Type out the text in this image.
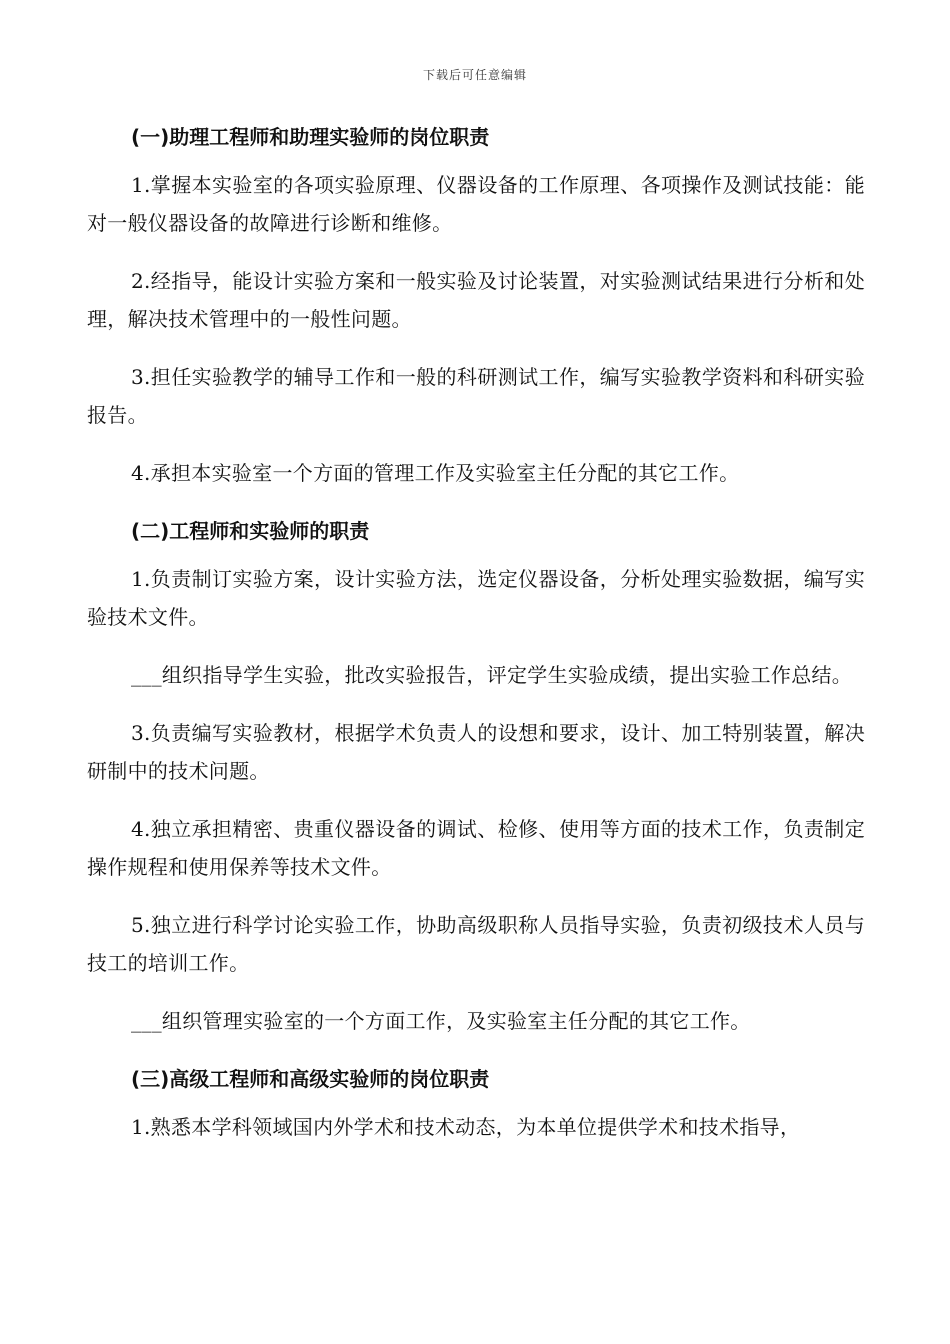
下载后可任意编辑
(一)助理工程师和助理实验师的岗位职责

1.掌握本实验室的各项实验原理、仪器设备的工作原理、各项操作及测试技能：能对一般仪器设备的故障进行诊断和维修。

2.经指导，能设计实验方案和一般实验及讨论装置，对实验测试结果进行分析和处理，解决技术管理中的一般性问题。

3.担任实验教学的辅导工作和一般的科研测试工作，编写实验教学资料和科研实验报告。

4.承担本实验室一个方面的管理工作及实验室主任分配的其它工作。

(二)工程师和实验师的职责

1.负责制订实验方案，设计实验方法，选定仪器设备，分析处理实验数据，编写实验技术文件。

___组织指导学生实验，批改实验报告，评定学生实验成绩，提出实验工作总结。

3.负责编写实验教材，根据学术负责人的设想和要求，设计、加工特别装置，解决研制中的技术问题。

4.独立承担精密、贵重仪器设备的调试、检修、使用等方面的技术工作，负责制定操作规程和使用保养等技术文件。

5.独立进行科学讨论实验工作，协助高级职称人员指导实验，负责初级技术人员与技工的培训工作。

___组织管理实验室的一个方面工作，及实验室主任分配的其它工作。

(三)高级工程师和高级实验师的岗位职责

1.熟悉本学科领域国内外学术和技术动态，为本单位提供学术和技术指导，
